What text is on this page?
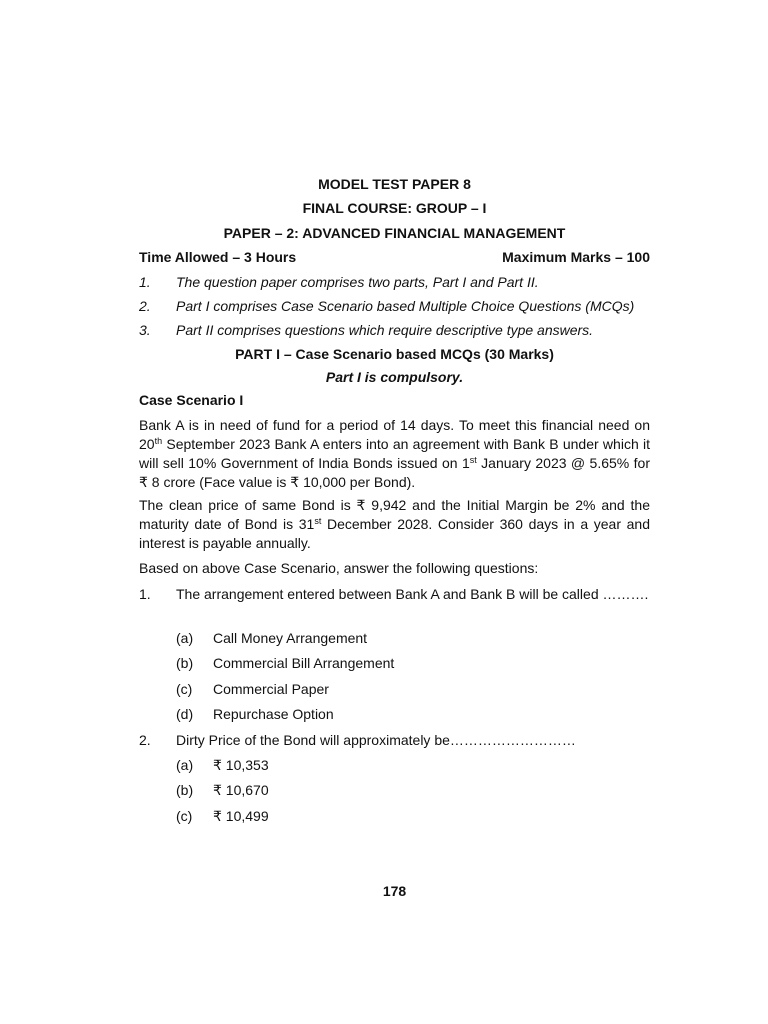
MODEL TEST PAPER 8
FINAL COURSE: GROUP – I
PAPER – 2: ADVANCED FINANCIAL MANAGEMENT
Time Allowed – 3 Hours	Maximum Marks – 100
1. The question paper comprises two parts, Part I and Part II.
2. Part I comprises Case Scenario based Multiple Choice Questions (MCQs)
3. Part II comprises questions which require descriptive type answers.
PART I – Case Scenario based MCQs (30 Marks)
Part I is compulsory.
Case Scenario I
Bank A is in need of fund for a period of 14 days. To meet this financial need on 20th September 2023 Bank A enters into an agreement with Bank B under which it will sell 10% Government of India Bonds issued on 1st January 2023 @ 5.65% for ₹ 8 crore (Face value is ₹ 10,000 per Bond).
The clean price of same Bond is ₹ 9,942 and the Initial Margin be 2% and the maturity date of Bond is 31st December 2028. Consider 360 days in a year and interest is payable annually.
Based on above Case Scenario, answer the following questions:
1. The arrangement entered between Bank A and Bank B will be called ……….
(a) Call Money Arrangement
(b) Commercial Bill Arrangement
(c) Commercial Paper
(d) Repurchase Option
2. Dirty Price of the Bond will approximately be………………………
(a) ₹ 10,353
(b) ₹ 10,670
(c) ₹ 10,499
178
